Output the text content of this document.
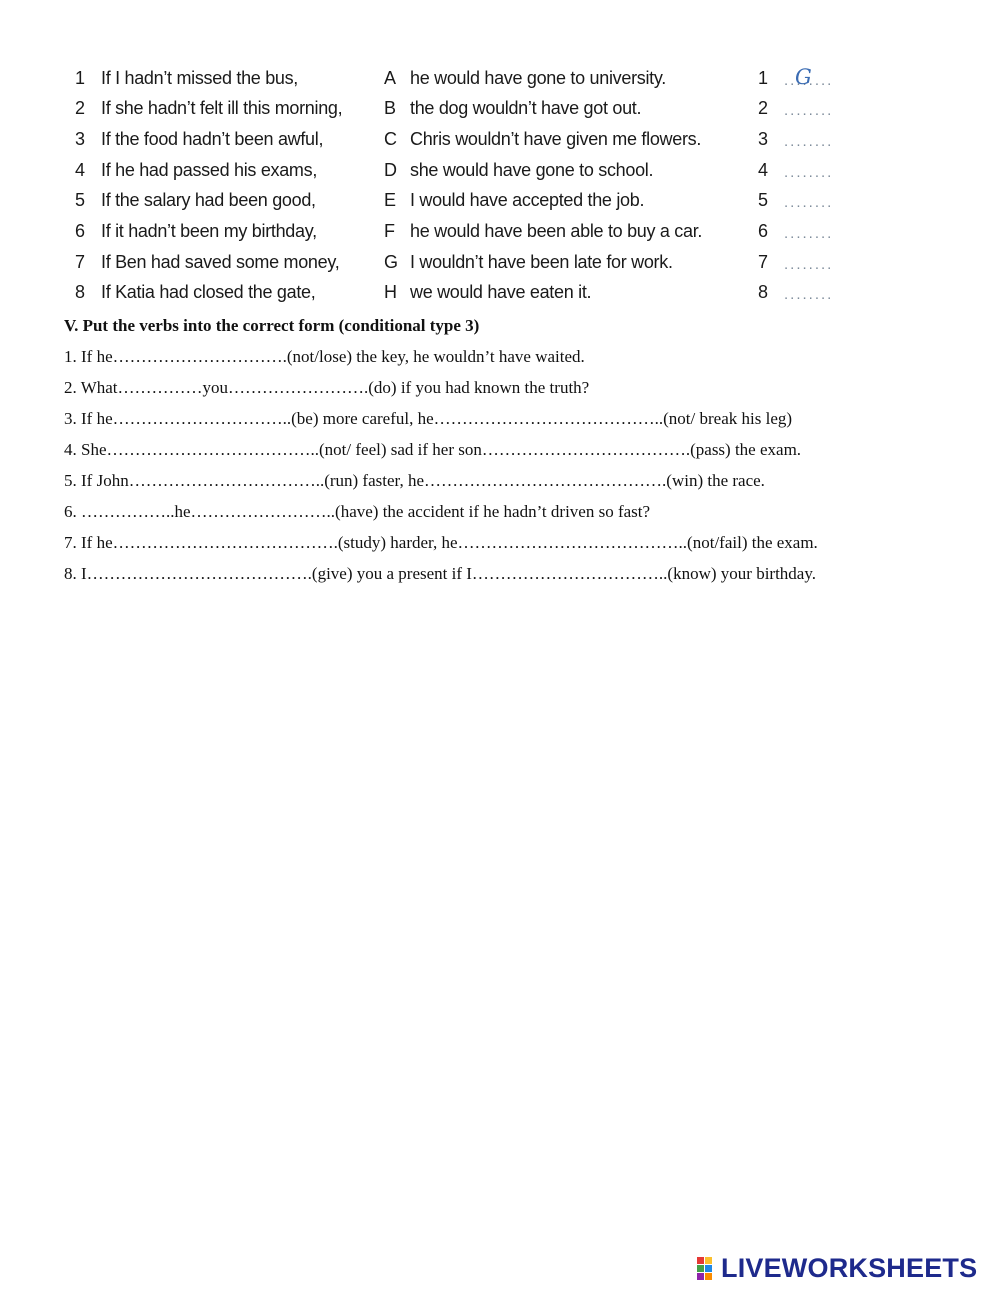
1 If I hadn’t missed the bus,	A he would have gone to university.	1 ........
G
2 If she hadn’t felt ill this morning, B the dog wouldn’t have got out.	2 ........
3 If the food hadn’t been awful,	C Chris wouldn’t have given me flowers.	3 ........
4 If he had passed his exams,	D she would have gone to school.	4 ........
5 If the salary had been good,	E I would have accepted the job.	5 ........
6 If it hadn’t been my birthday,	F he would have been able to buy a car.	6 ........
7 If Ben had saved some money, G I wouldn’t have been late for work.	7 ........
8 If Katia had closed the gate,	H we would have eaten it.	8 ........
V. Put the verbs into the correct form (conditional type 3)
1. If he………………………….(not/lose) the key, he wouldn’t have waited.
2. What……………you…………………….(do) if you had known the truth?
3. If he…………………………..(be) more careful, he…………………………………..(not/ break his leg)
4. She………………………………..(not/ feel) sad if her son……………………………….(pass) the exam.
5. If John……………………………..(run) faster, he…………………………………….(win) the race.
6. ……………..he……………………..(have) the accident if he hadn’t driven so fast?
7. If he………………………………….(study) harder, he…………………………………..(not/fail) the exam.
8. I………………………………….(give) you a present if I……………………………..(know) your birthday.
LIVEWORKSHEETS
